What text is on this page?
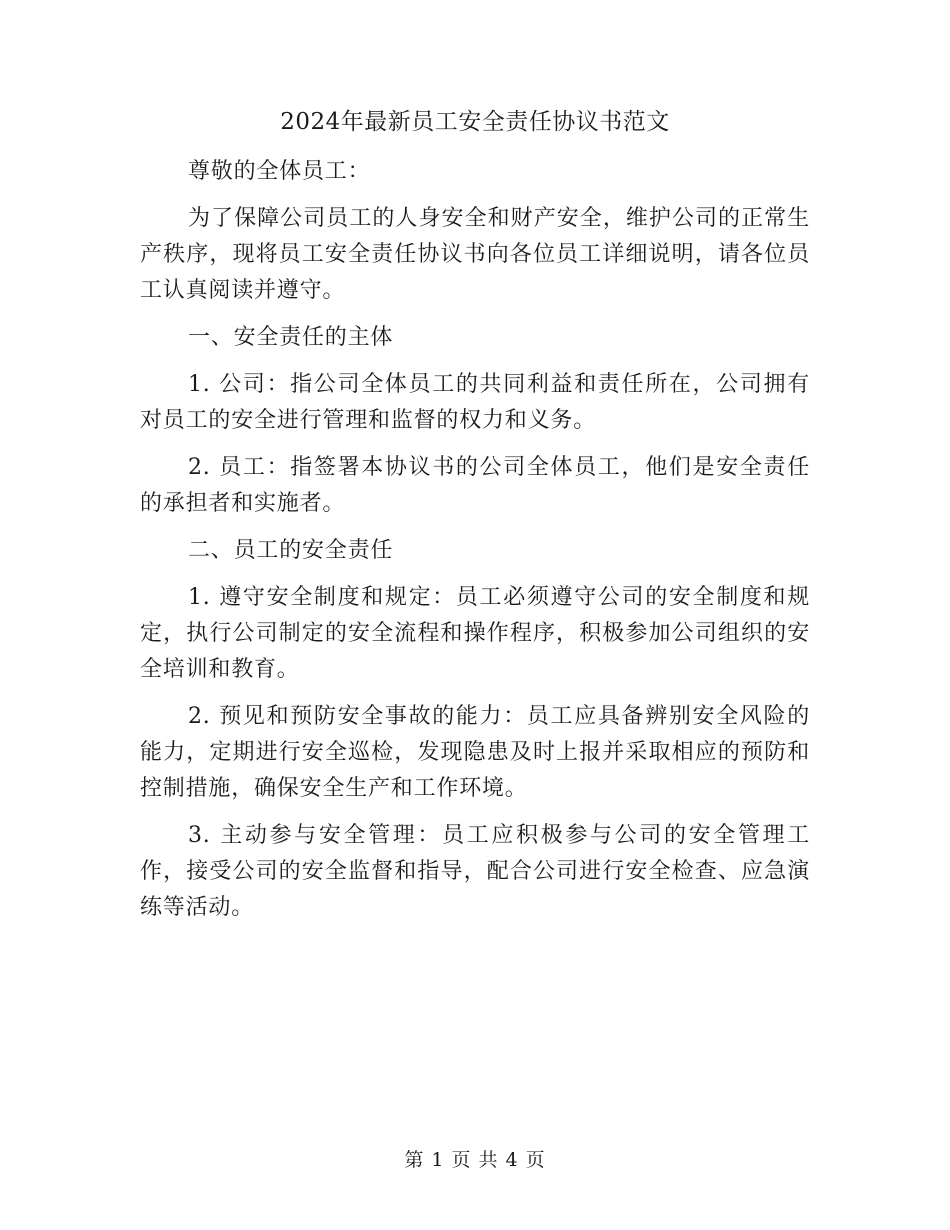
2024年最新员工安全责任协议书范文

尊敬的全体员工：

为了保障公司员工的人身安全和财产安全，维护公司的正常生产秩序，现将员工安全责任协议书向各位员工详细说明，请各位员工认真阅读并遵守。

一、安全责任的主体

1. 公司：指公司全体员工的共同利益和责任所在，公司拥有对员工的安全进行管理和监督的权力和义务。

2. 员工：指签署本协议书的公司全体员工，他们是安全责任的承担者和实施者。

二、员工的安全责任

1. 遵守安全制度和规定：员工必须遵守公司的安全制度和规定，执行公司制定的安全流程和操作程序，积极参加公司组织的安全培训和教育。

2. 预见和预防安全事故的能力：员工应具备辨别安全风险的能力，定期进行安全巡检，发现隐患及时上报并采取相应的预防和控制措施，确保安全生产和工作环境。

3. 主动参与安全管理：员工应积极参与公司的安全管理工作，接受公司的安全监督和指导，配合公司进行安全检查、应急演练等活动。

第 1 页 共 4 页
